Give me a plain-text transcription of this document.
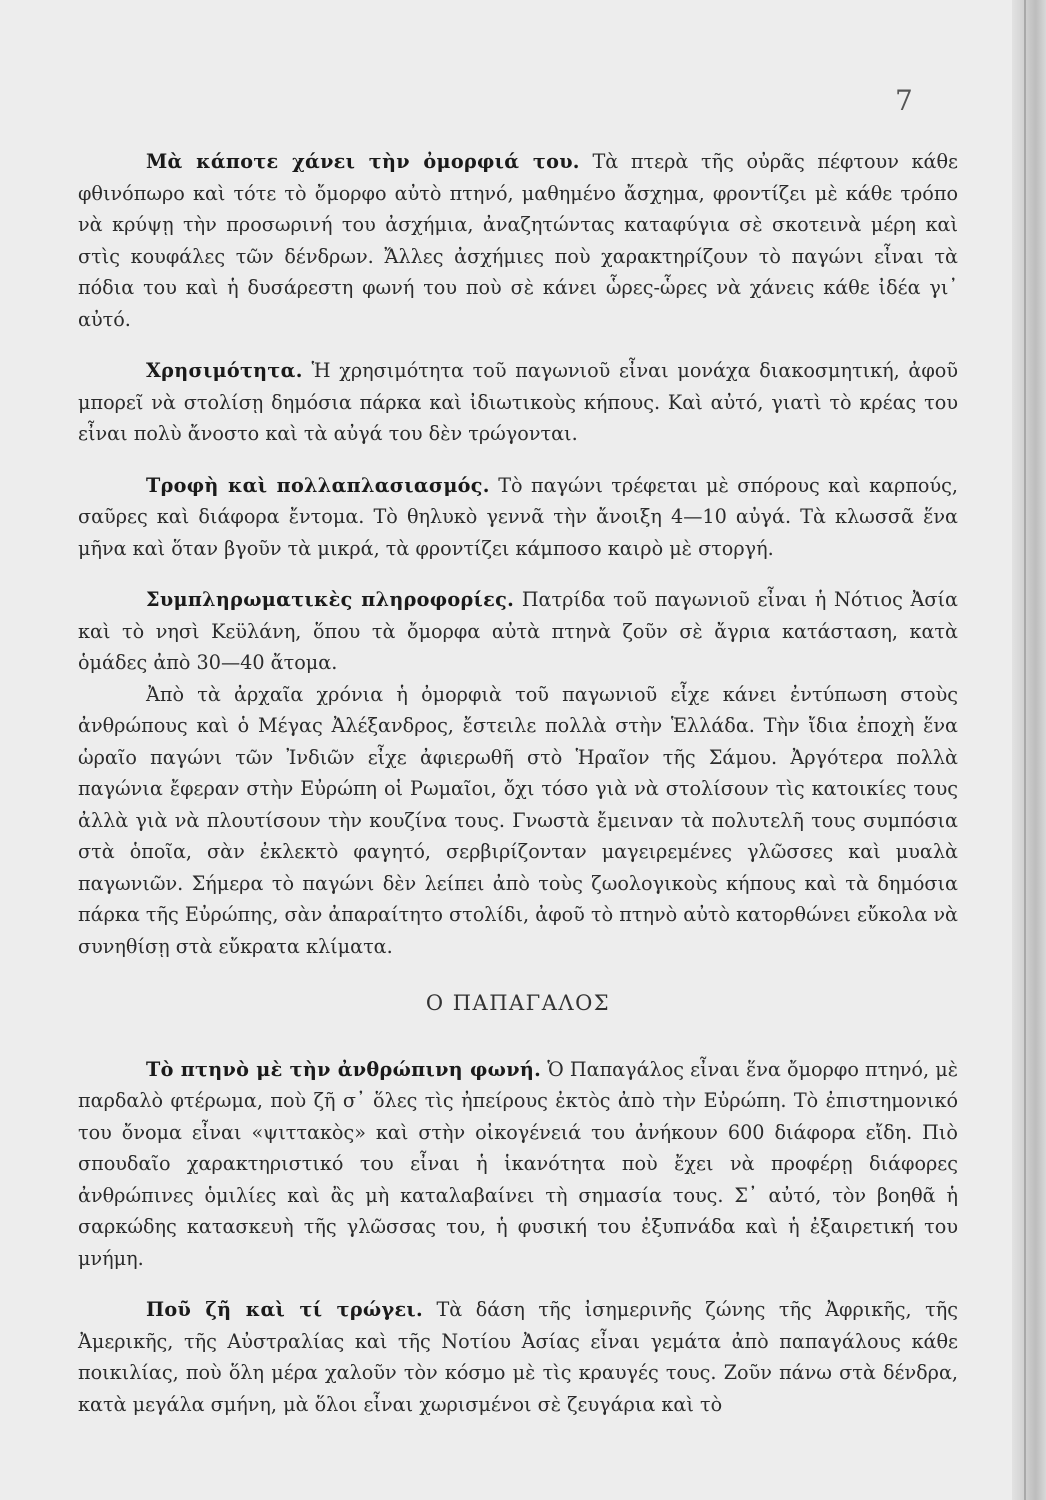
7

Μὰ κάποτε χάνει τὴν ὀμορφιά του. Τὰ πτερὰ τῆς οὐρᾶς πέφτουν κάθε φθινόπωρο καὶ τότε τὸ ὄμορφο αὐτὸ πτηνό, μαθημένο ἄσχημα, φροντίζει μὲ κάθε τρόπο νὰ κρύψῃ τὴν προσωρινή του ἀσχήμια, ἀναζητώντας καταφύγια σὲ σκοτεινὰ μέρη καὶ στὶς κουφάλες τῶν δένδρων. Ἄλλες ἀσχήμιες ποὺ χαρακτηρίζουν τὸ παγώνι εἶναι τὰ πόδια του καὶ ἡ δυσάρεστη φωνή του ποὺ σὲ κάνει ὧρες-ὧρες νὰ χάνεις κάθε ἰδέα γι᾽ αὐτό.

Χρησιμότητα. Ἡ χρησιμότητα τοῦ παγωνιοῦ εἶναι μονάχα διακοσμητική, ἀφοῦ μπορεῖ νὰ στολίσῃ δημόσια πάρκα καὶ ἰδιωτικοὺς κήπους. Καὶ αὐτό, γιατὶ τὸ κρέας του εἶναι πολὺ ἄνοστο καὶ τὰ αὐγά του δὲν τρώγονται.

Τροφὴ καὶ πολλαπλασιασμός. Τὸ παγώνι τρέφεται μὲ σπόρους καὶ καρπούς, σαῦρες καὶ διάφορα ἔντομα. Τὸ θηλυκὸ γεννᾶ τὴν ἄνοιξη 4—10 αὐγά. Τὰ κλωσσᾶ ἕνα μῆνα καὶ ὅταν βγοῦν τὰ μικρά, τὰ φροντίζει κάμποσο καιρὸ μὲ στοργή.

Συμπληρωματικὲς πληροφορίες. Πατρίδα τοῦ παγωνιοῦ εἶναι ἡ Νότιος Ἀσία καὶ τὸ νησὶ Κεϋλάνη, ὅπου τὰ ὄμορφα αὐτὰ πτηνὰ ζοῦν σὲ ἄγρια κατάσταση, κατὰ ὁμάδες ἀπὸ 30—40 ἄτομα.

Ἀπὸ τὰ ἀρχαῖα χρόνια ἡ ὀμορφιὰ τοῦ παγωνιοῦ εἶχε κάνει ἐντύπωση στοὺς ἀνθρώπους καὶ ὁ Μέγας Ἀλέξανδρος, ἔστειλε πολλὰ στὴν Ἑλλάδα. Τὴν ἴδια ἐποχὴ ἕνα ὡραῖο παγώνι τῶν Ἰνδιῶν εἶχε ἀφιερωθῆ στὸ Ἡραῖον τῆς Σάμου. Ἀργότερα πολλὰ παγώνια ἔφεραν στὴν Εὐρώπη οἱ Ρωμαῖοι, ὄχι τόσο γιὰ νὰ στολίσουν τὶς κατοικίες τους ἀλλὰ γιὰ νὰ πλουτίσουν τὴν κουζίνα τους. Γνωστὰ ἔμειναν τὰ πολυτελῆ τους συμπόσια στὰ ὁποῖα, σὰν ἐκλεκτὸ φαγητό, σερβιρίζονταν μαγειρεμένες γλῶσσες καὶ μυαλὰ παγωνιῶν. Σήμερα τὸ παγώνι δὲν λείπει ἀπὸ τοὺς ζωολογικοὺς κήπους καὶ τὰ δημόσια πάρκα τῆς Εὐρώπης, σὰν ἀπαραίτητο στολίδι, ἀφοῦ τὸ πτηνὸ αὐτὸ κατορθώνει εὔκολα νὰ συνηθίσῃ στὰ εὔκρατα κλίματα.

Ο ΠΑΠΑΓΑΛΟΣ

Τὸ πτηνὸ μὲ τὴν ἀνθρώπινη φωνή. Ὁ Παπαγάλος εἶναι ἕνα ὄμορφο πτηνό, μὲ παρδαλὸ φτέρωμα, ποὺ ζῆ σ᾽ ὅλες τὶς ἠπείρους ἐκτὸς ἀπὸ τὴν Εὐρώπη. Τὸ ἐπιστημονικό του ὄνομα εἶναι «ψιττακὸς» καὶ στὴν οἰκογένειά του ἀνήκουν 600 διάφορα εἴδη. Πιὸ σπουδαῖο χαρακτηριστικό του εἶναι ἡ ἱκανότητα ποὺ ἔχει νὰ προφέρῃ διάφορες ἀνθρώπινες ὁμιλίες καὶ ἂς μὴ καταλαβαίνει τὴ σημασία τους. Σ᾽ αὐτό, τὸν βοηθᾶ ἡ σαρκώδης κατασκευὴ τῆς γλῶσσας του, ἡ φυσική του ἐξυπνάδα καὶ ἡ ἐξαιρετική του μνήμη.

Ποῦ ζῆ καὶ τί τρώγει. Τὰ δάση τῆς ἰσημερινῆς ζώνης τῆς Ἀφρικῆς, τῆς Ἀμερικῆς, τῆς Αὐστραλίας καὶ τῆς Νοτίου Ἀσίας εἶναι γεμάτα ἀπὸ παπαγάλους κάθε ποικιλίας, ποὺ ὅλη μέρα χαλοῦν τὸν κόσμο μὲ τὶς κραυγές τους. Ζοῦν πάνω στὰ δένδρα, κατὰ μεγάλα σμήνη, μὰ ὅλοι εἶναι χωρισμένοι σὲ ζευγάρια καὶ τὸ
